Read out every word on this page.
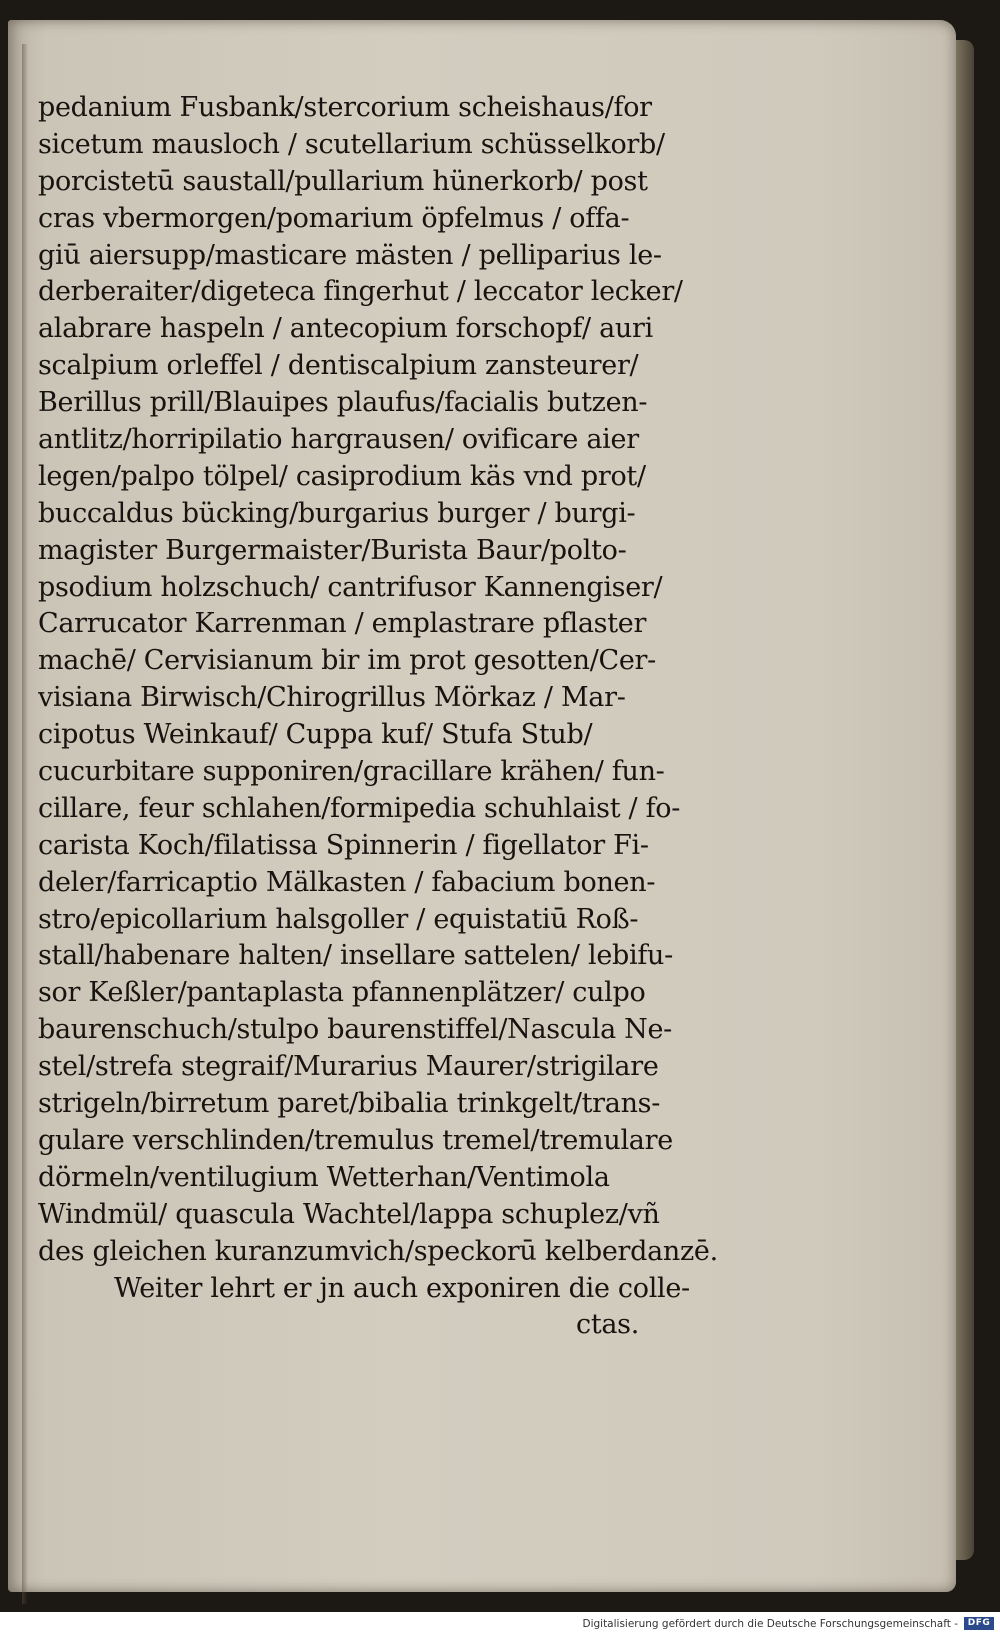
pedanium Fusbank/stercorium scheishaus/for
sicetum mausloch / scutellarium schüsselkorb/
porcistetū saustall/pullarium hünerkorb/ post
cras vbermorgen/pomarium öpfelmus / offa-
giū aiersupp/masticare mästen / pelliparius le-
derberaiter/digeteca fingerhut / leccator lecker/
alabrare haspeln / antecopium forschopf/ auri
scalpium orleffel / dentiscalpium zansteurer/
Berillus prill/Blauipes plaufus/facialis butzen-
antlitz/horripilatio hargrausen/ ovificare aier
legen/palpo tölpel/ casiprodium käs vnd prot/
buccaldus bücking/burgarius burger / burgi-
magister Burgermaister/Burista Baur/polto-
psodium holzschuch/ cantrifusor Kannengiser/
Carrucator Karrenman / emplastrare pflaster
machē/ Cervisianum bir im prot gesotten/Cer-
visiana Birwisch/Chirogrillus Mörkaz / Mar-
cipotus Weinkauf/ Cuppa kuf/ Stufa Stub/
cucurbitare supponiren/gracillare krähen/ fun-
cillare, feur schlahen/formipedia schuhlaist / fo-
carista Koch/filatissa Spinnerin / figellator Fi-
deler/farricaptio Mälkasten / fabacium bonen-
stro/epicollarium halsgoller / equistatiū Roß-
stall/habenare halten/ insellare sattelen/ lebifu-
sor Keßler/pantaplasta pfannenplätzer/ culpo
baurenschuch/stulpo baurenstiffel/Nascula Ne-
stel/strefa stegraif/Murarius Maurer/strigilare
strigeln/birretum paret/bibalia trinkgelt/trans-
gulare verschlinden/tremulus tremel/tremulare
dörmeln/ventilugium Wetterhan/Ventimola
Windmül/ quascula Wachtel/lappa schuplez/vñ
des gleichen kuranzumvich/speckorū kelberdanzē.
Weiter lehrt er jn auch exponiren die colle-
ctas.
Digitalisierung gefördert durch die Deutsche Forschungsgemeinschaft -	DFG
